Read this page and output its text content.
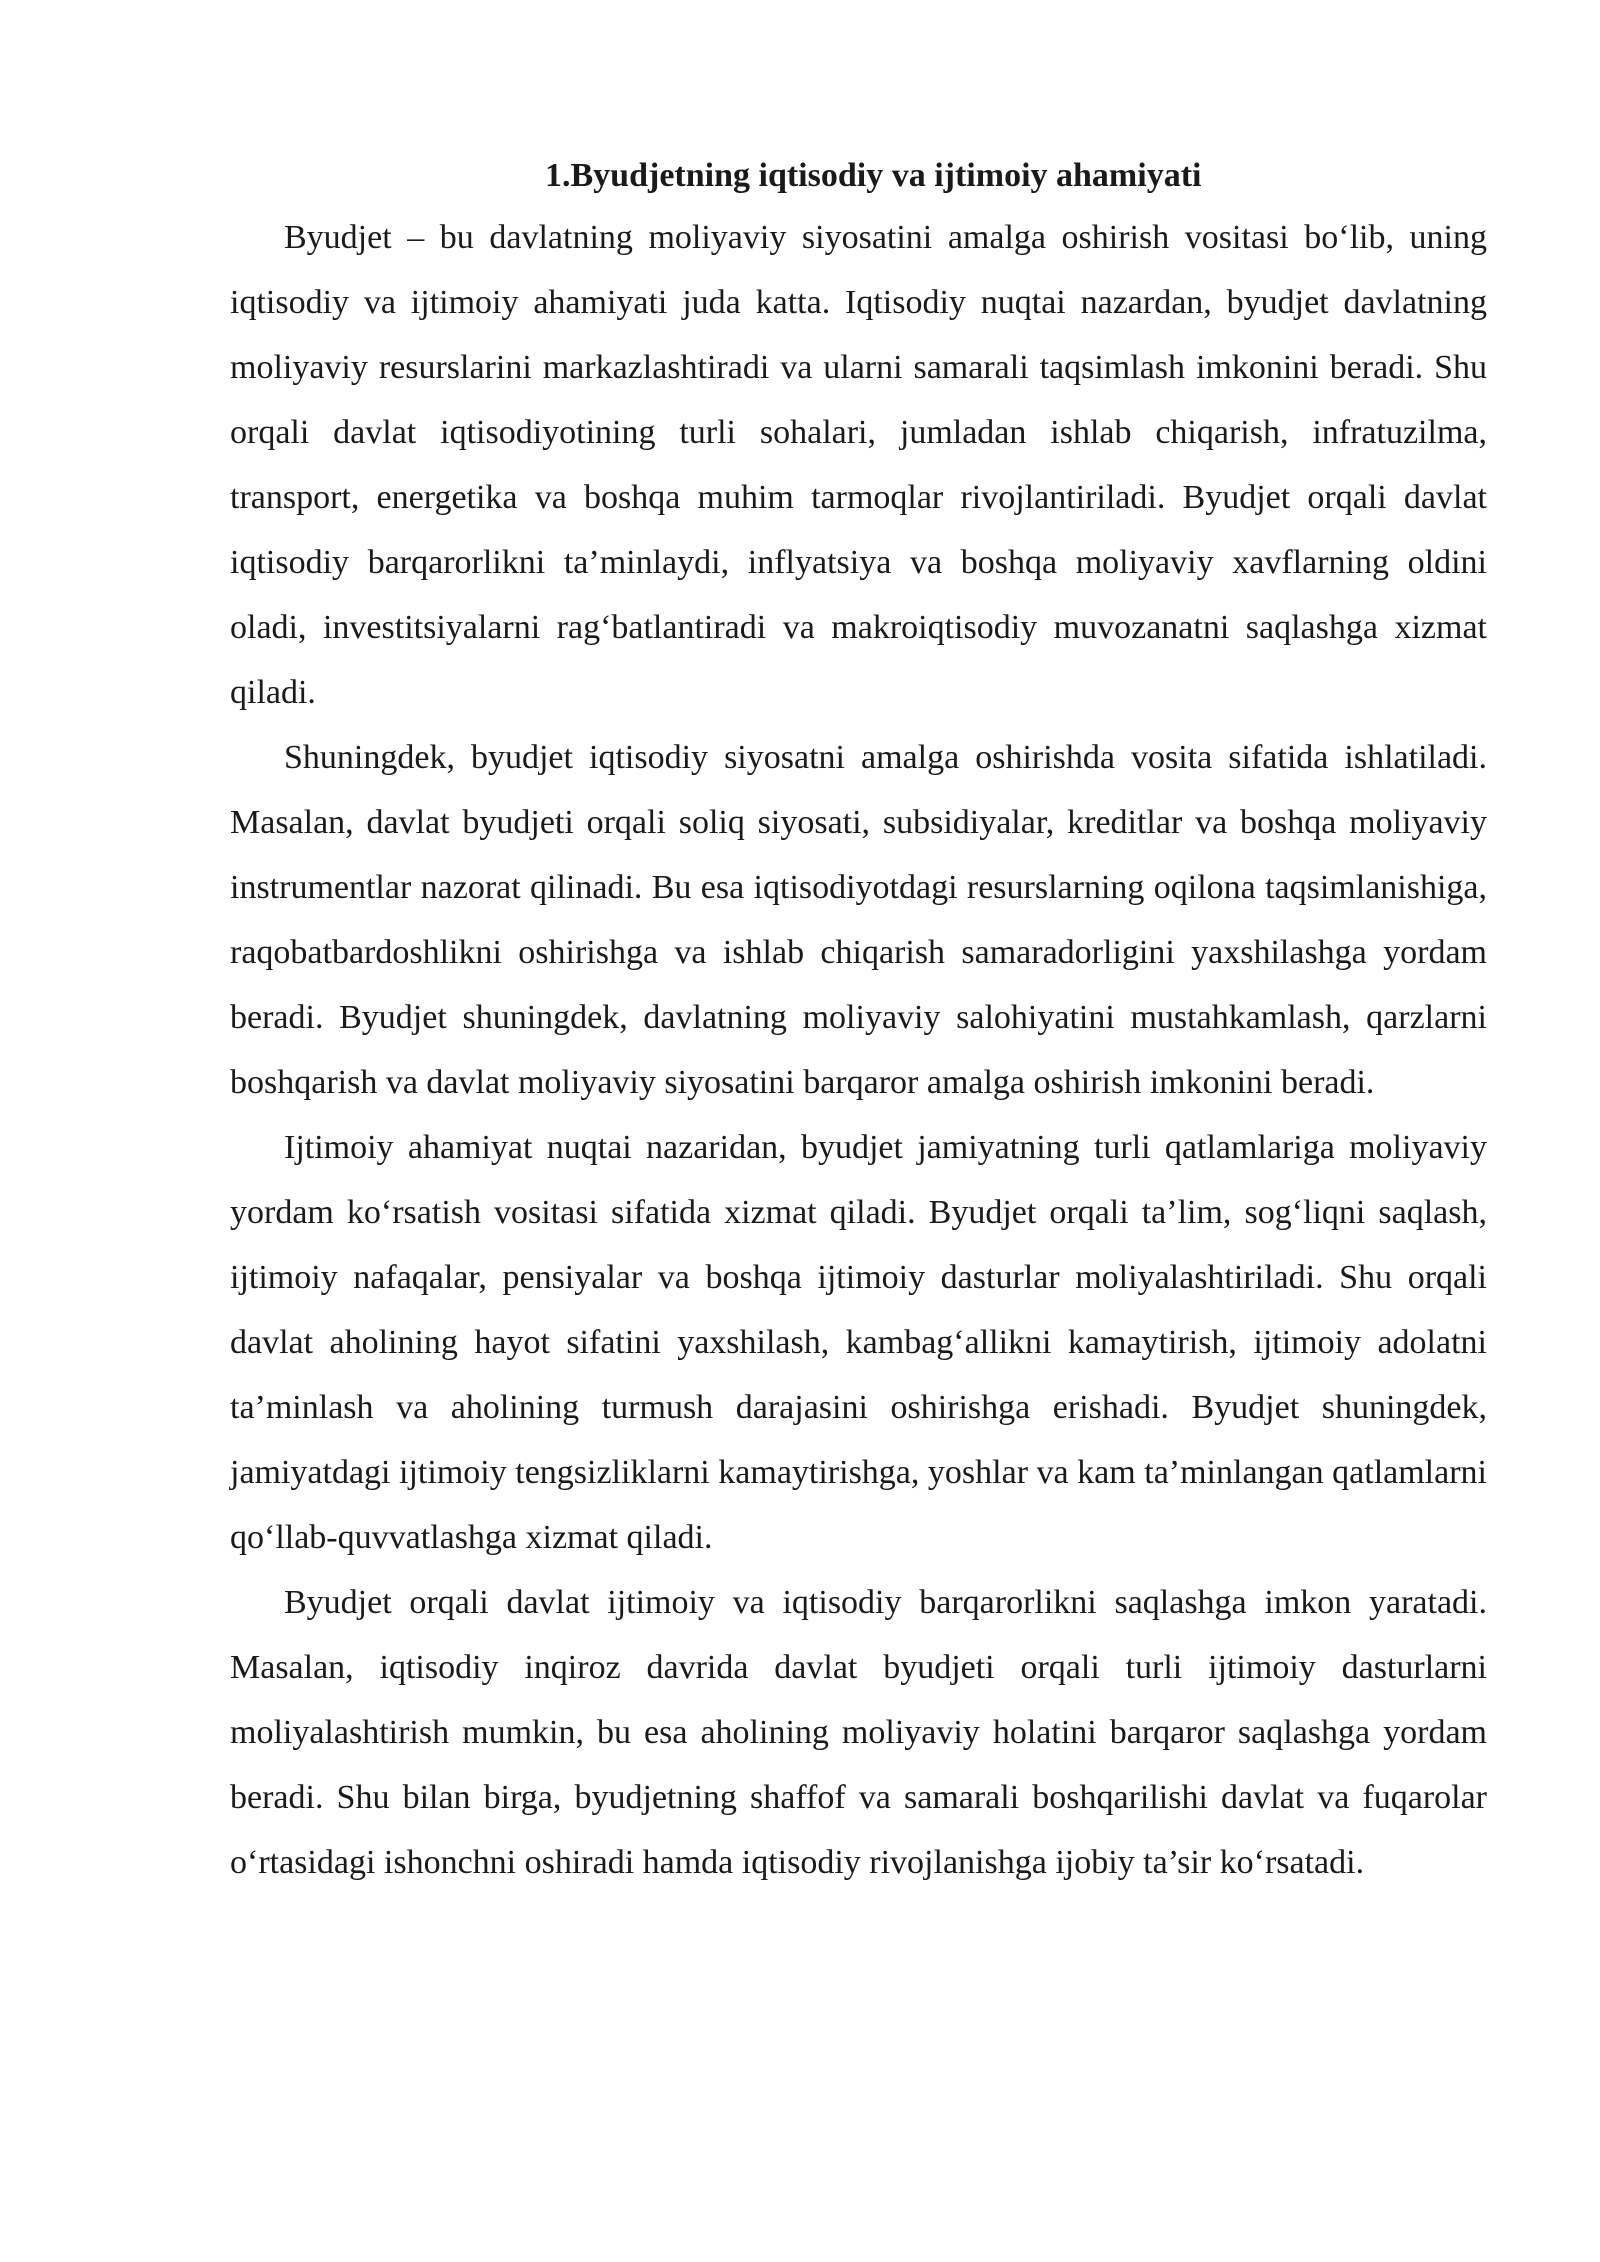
1.Byudjetning iqtisodiy va ijtimoiy ahamiyati

Byudjet – bu davlatning moliyaviy siyosatini amalga oshirish vositasi bo‘lib, uning iqtisodiy va ijtimoiy ahamiyati juda katta. Iqtisodiy nuqtai nazardan, byudjet davlatning moliyaviy resurslarini markazlashtiradi va ularni samarali taqsimlash imkonini beradi. Shu orqali davlat iqtisodiyotining turli sohalari, jumladan ishlab chiqarish, infratuzilma, transport, energetika va boshqa muhim tarmoqlar rivojlantiriladi. Byudjet orqali davlat iqtisodiy barqarorlikni ta’minlaydi, inflyatsiya va boshqa moliyaviy xavflarning oldini oladi, investitsiyalarni rag‘batlantiradi va makroiqtisodiy muvozanatni saqlashga xizmat qiladi.

Shuningdek, byudjet iqtisodiy siyosatni amalga oshirishda vosita sifatida ishlatiladi. Masalan, davlat byudjeti orqali soliq siyosati, subsidiyalar, kreditlar va boshqa moliyaviy instrumentlar nazorat qilinadi. Bu esa iqtisodiyotdagi resurslarning oqilona taqsimlanishiga, raqobatbardoshlikni oshirishga va ishlab chiqarish samaradorligini yaxshilashga yordam beradi. Byudjet shuningdek, davlatning moliyaviy salohiyatini mustahkamlash, qarzlarni boshqarish va davlat moliyaviy siyosatini barqaror amalga oshirish imkonini beradi.

Ijtimoiy ahamiyat nuqtai nazaridan, byudjet jamiyatning turli qatlamlariga moliyaviy yordam ko‘rsatish vositasi sifatida xizmat qiladi. Byudjet orqali ta’lim, sog‘liqni saqlash, ijtimoiy nafaqalar, pensiyalar va boshqa ijtimoiy dasturlar moliyalashtiriladi. Shu orqali davlat aholining hayot sifatini yaxshilash, kambag‘allikni kamaytirish, ijtimoiy adolatni ta’minlash va aholining turmush darajasini oshirishga erishadi. Byudjet shuningdek, jamiyatdagi ijtimoiy tengsizliklarni kamaytirishga, yoshlar va kam ta’minlangan qatlamlarni qo‘llab-quvvatlashga xizmat qiladi.

Byudjet orqali davlat ijtimoiy va iqtisodiy barqarorlikni saqlashga imkon yaratadi. Masalan, iqtisodiy inqiroz davrida davlat byudjeti orqali turli ijtimoiy dasturlarni moliyalashtirish mumkin, bu esa aholining moliyaviy holatini barqaror saqlashga yordam beradi. Shu bilan birga, byudjetning shaffof va samarali boshqarilishi davlat va fuqarolar o‘rtasidagi ishonchni oshiradi hamda iqtisodiy rivojlanishga ijobiy ta’sir ko‘rsatadi.
